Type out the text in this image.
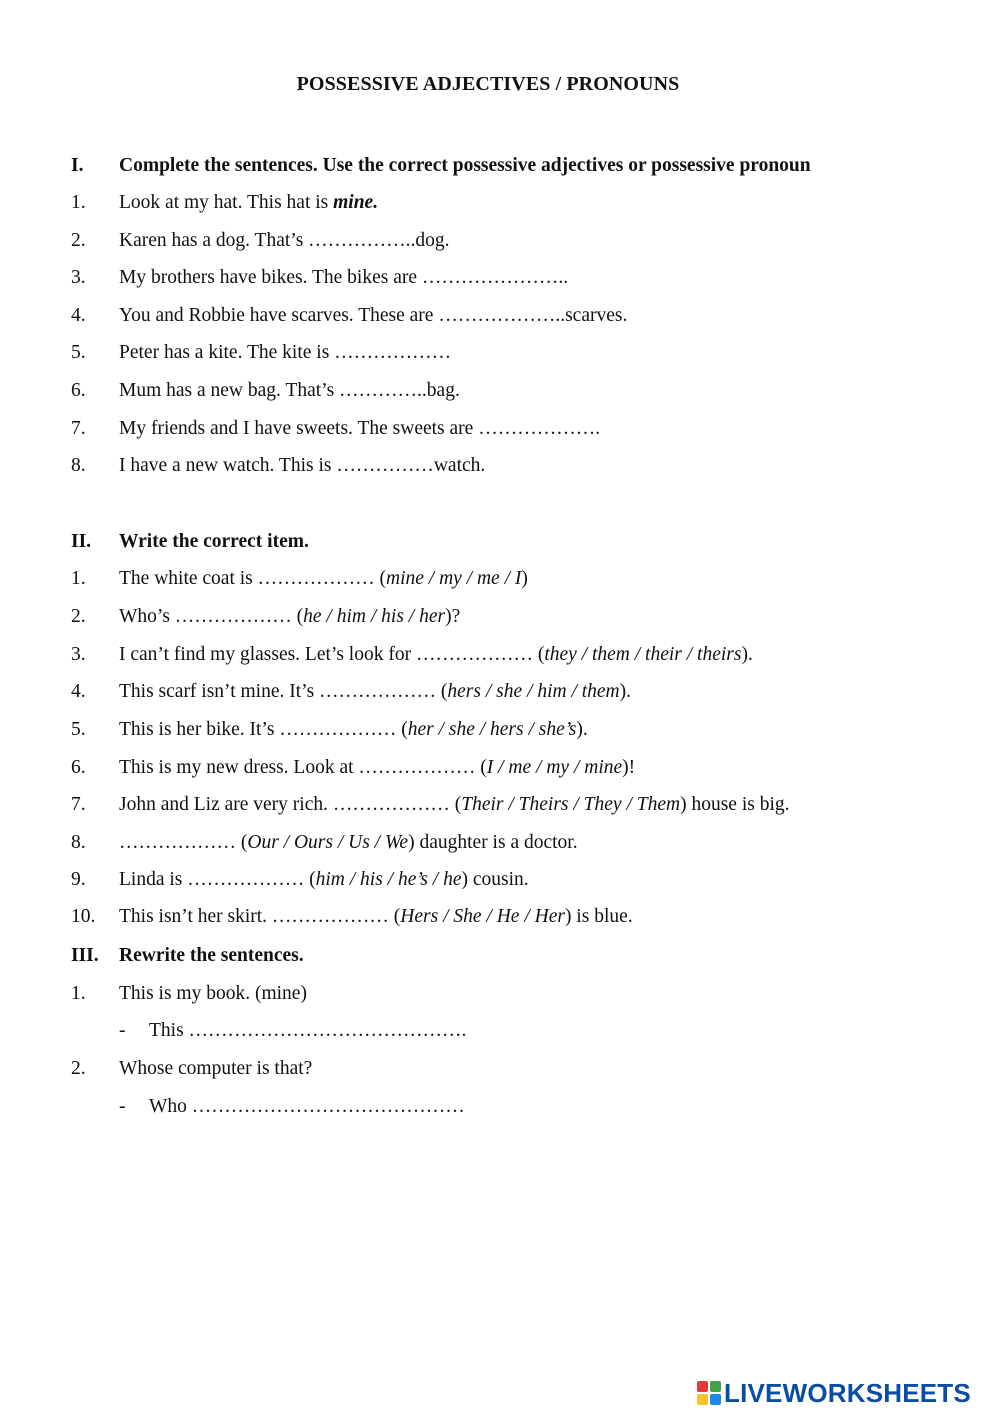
POSSESSIVE ADJECTIVES / PRONOUNS
I. Complete the sentences. Use the correct possessive adjectives or possessive pronoun
1. Look at my hat. This hat is mine.
2. Karen has a dog. That’s ……………..dog.
3. My brothers have bikes. The bikes are …………………..
4. You and Robbie have scarves. These are ………………..scarves.
5. Peter has a kite. The kite is ………………
6. Mum has a new bag. That’s …………..bag.
7. My friends and I have sweets. The sweets are ……………….
8. I have a new watch. This is ……………watch.
II. Write the correct item.
1. The white coat is ……………… (mine / my / me / I)
2. Who’s ……………… (he / him / his / her)?
3. I can’t find my glasses. Let’s look for ……………… (they / them / their / theirs).
4. This scarf isn’t mine. It’s ……………… (hers / she / him / them).
5. This is her bike. It’s ……………… (her / she / hers / she’s).
6. This is my new dress. Look at ……………… (I / me / my / mine)!
7. John and Liz are very rich. ……………… (Their / Theirs / They / Them) house is big.
8. ……………… (Our / Ours / Us / We) daughter is a doctor.
9. Linda is ……………… (him / his / he’s / he) cousin.
10. This isn’t her skirt. ……………… (Hers / She / He / Her) is blue.
III. Rewrite the sentences.
1. This is my book. (mine)
- This …………………………………….
2. Whose computer is that?
- Who ……………………………………
LIVEWORKSHEETS
